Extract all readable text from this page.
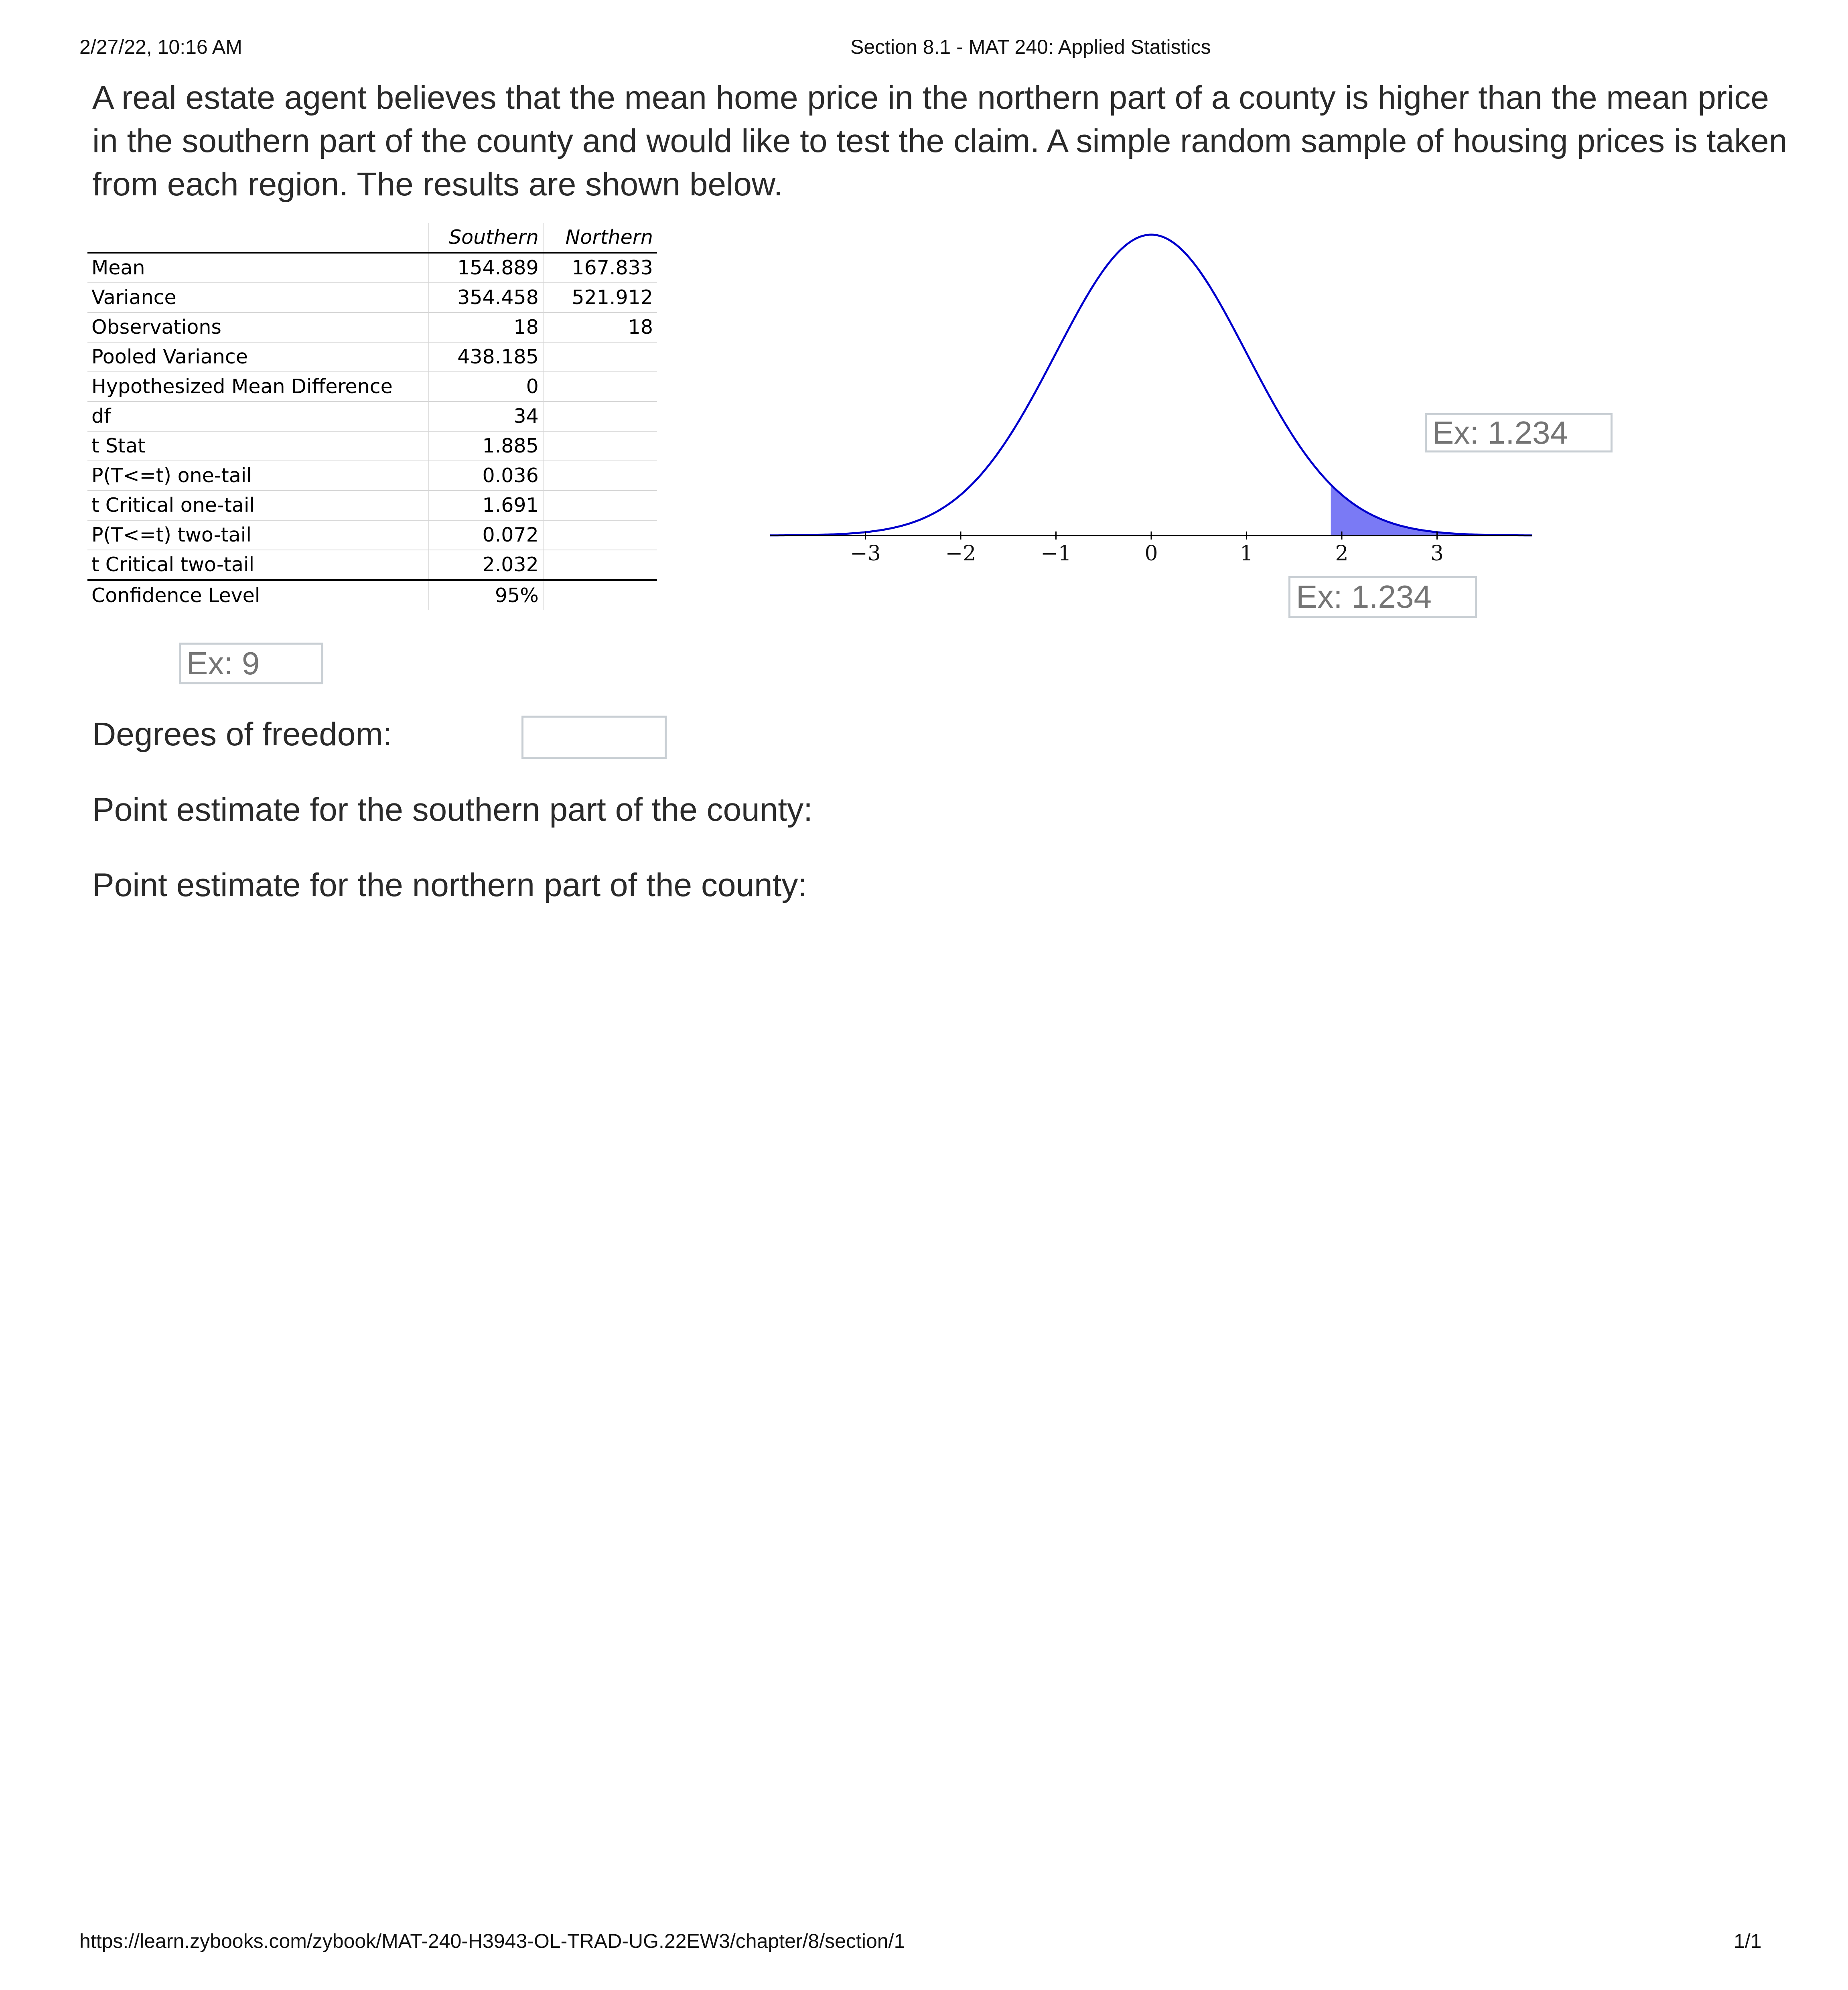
2/27/22, 10:16 AM	Section 8.1 - MAT 240: Applied Statistics
A real estate agent believes that the mean home price in the northern part of a county is higher than the mean price in the southern part of the county and would like to test the claim. A simple random sample of housing prices is taken from each region. The results are shown below.
	Southern	Northern
Mean	154.889	167.833
Variance	354.458	521.912
Observations	18	18
Pooled Variance	438.185	
Hypothesized Mean Difference	0	
df	34	
t Stat	1.885	
P(T<=t) one-tail	0.036	
t Critical one-tail	1.691	
P(T<=t) two-tail	0.072	
t Critical two-tail	2.032	
Confidence Level	95%	
−3	−2	−1	0	1	2	3
Ex: 1.234
Ex: 1.234
Ex: 9
Degrees of freedom:
Point estimate for the southern part of the county:
Point estimate for the northern part of the county:
https://learn.zybooks.com/zybook/MAT-240-H3943-OL-TRAD-UG.22EW3/chapter/8/section/1	1/1
